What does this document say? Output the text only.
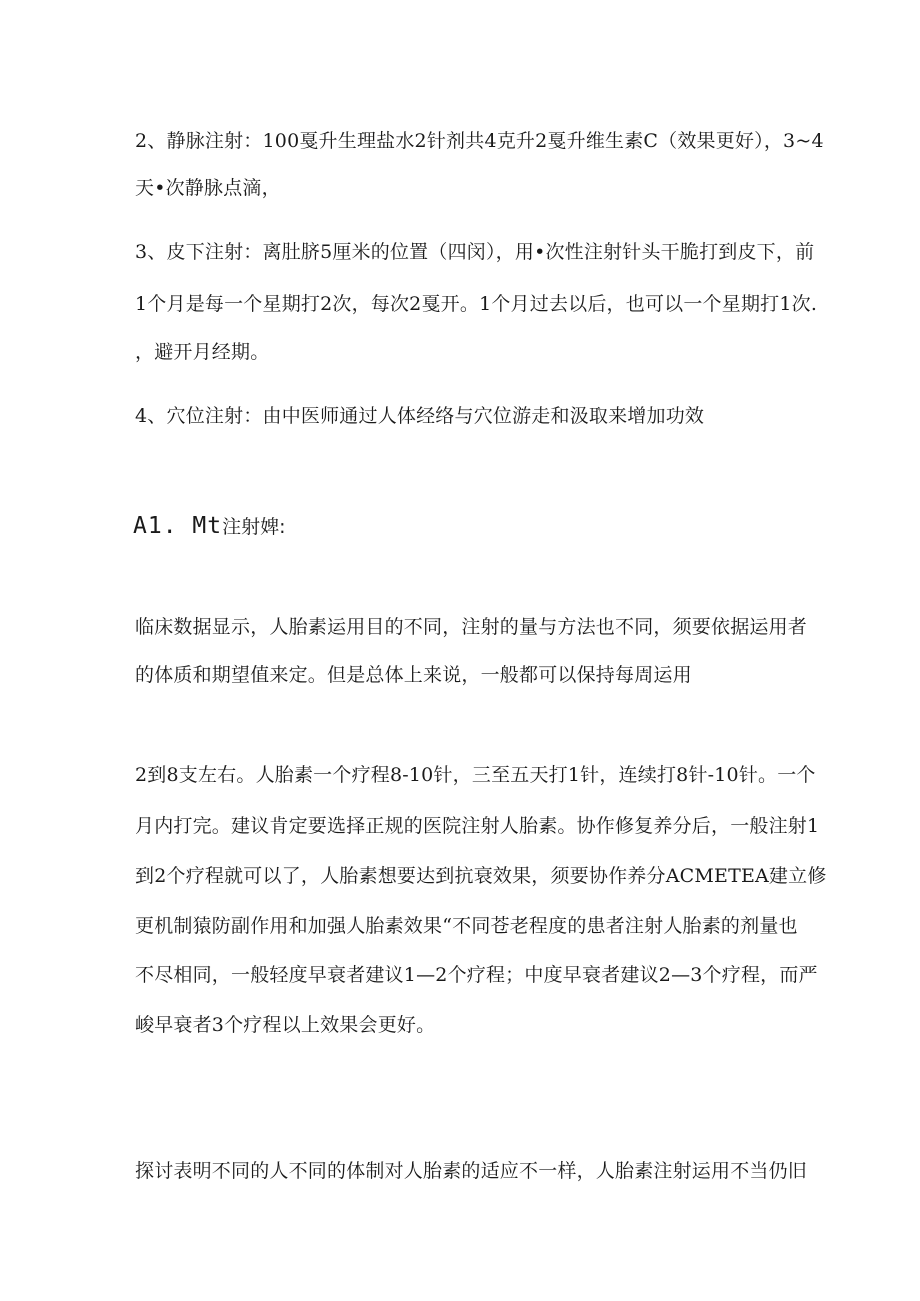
2、静脉注射：100戛升生理盐水2针剂共4克升2戛升维生素C（效果更好），3~4
天•次静脉点滴，
3、皮下注射：离肚脐5厘米的位置（四闵），用•次性注射针头干脆打到皮下，前
1个月是每一个星期打2次，每次2戛开。1个月过去以后，也可以一个星期打1次.
，避开月经期。
4、穴位注射：由中医师通过人体经络与穴位游走和汲取来增加功效
A1. Mt注射婢:
临床数据显示，人胎素运用目的不同，注射的量与方法也不同，须要依据运用者
的体质和期望值来定。但是总体上来说，一般都可以保持每周运用
2到8支左右。人胎素一个疗程8-10针，三至五天打1针，连续打8针-10针。一个
月内打完。建议肯定要选择正规的医院注射人胎素。协作修复养分后，一般注射1
到2个疗程就可以了，人胎素想要达到抗衰效果，须要协作养分ACMETEA建立修
更机制猿防副作用和加强人胎素效果“不同苍老程度的患者注射人胎素的剂量也
不尽相同，一般轻度早衰者建议1—2个疗程；中度早衰者建议2—3个疗程，而严
峻早衰者3个疗程以上效果会更好。
探讨表明不同的人不同的体制对人胎素的适应不一样，人胎素注射运用不当仍旧
